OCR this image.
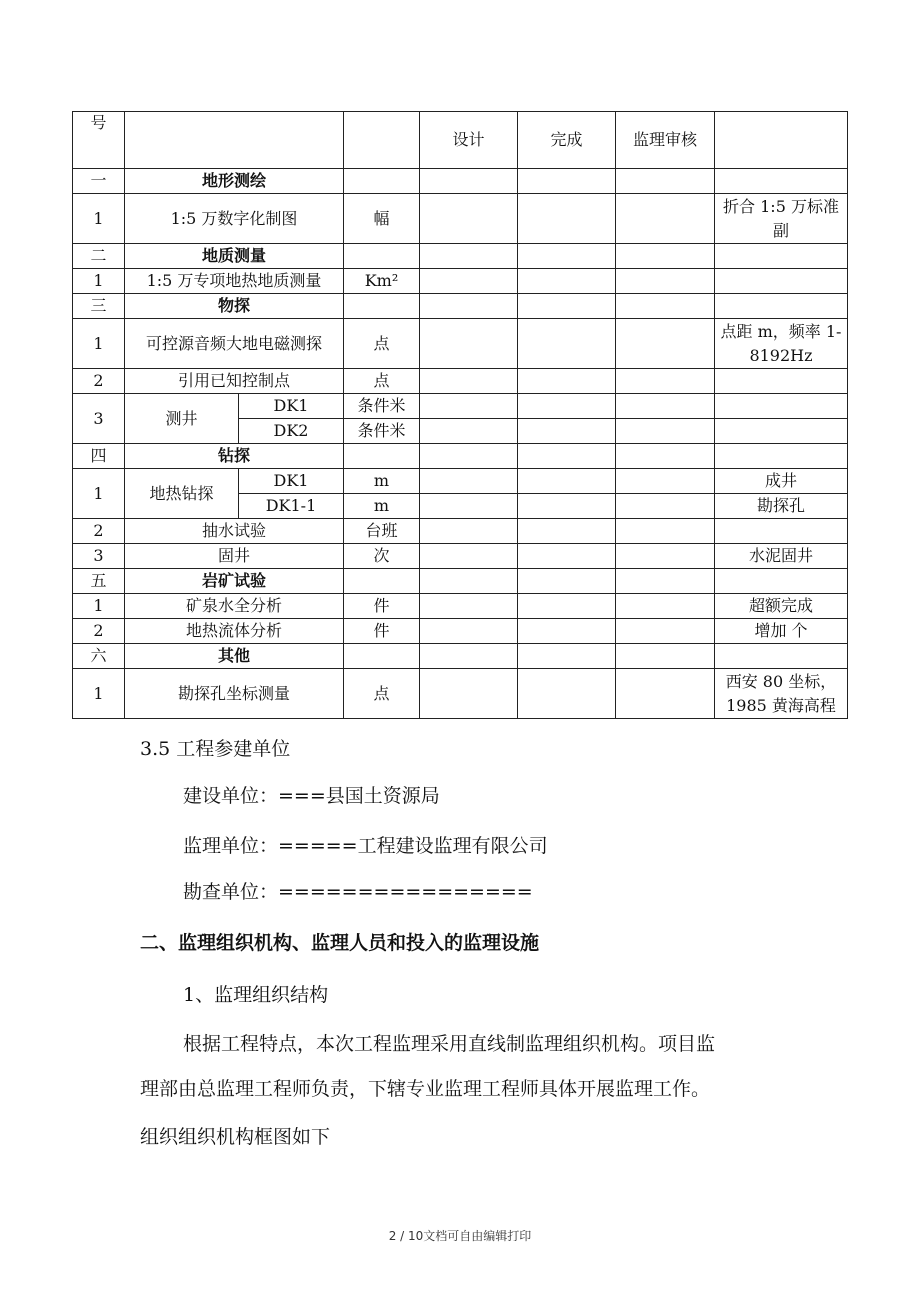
号				设计	完成	监理审核	
一	地形测绘						
1	1:5 万数字化制图		幅				折合 1:5 万标准副
二	地质测量						
1	1:5 万专项地热地质测量		Km²				
三	物探						
1	可控源音频大地电磁测探		点				点距 m，频率 1-8192Hz
2	引用已知控制点		点				
3	测井	DK1	条件米				
		DK2	条件米				
四	钻探						
1	地热钻探	DK1	m				成井
		DK1-1	m				勘探孔
2	抽水试验		台班				
3	固井		次				水泥固井
五	岩矿试验						
1	矿泉水全分析		件				超额完成
2	地热流体分析		件				增加 个
六	其他						
1	勘探孔坐标测量		点				西安 80 坐标，1985 黄海高程
3.5 工程参建单位
建设单位：===县国土资源局
监理单位：=====工程建设监理有限公司
勘查单位：================
二、监理组织机构、监理人员和投入的监理设施
1、监理组织结构
根据工程特点，本次工程监理采用直线制监理组织机构。项目监
理部由总监理工程师负责，下辖专业监理工程师具体开展监理工作。
组织组织机构框图如下
2 / 10文档可自由编辑打印
